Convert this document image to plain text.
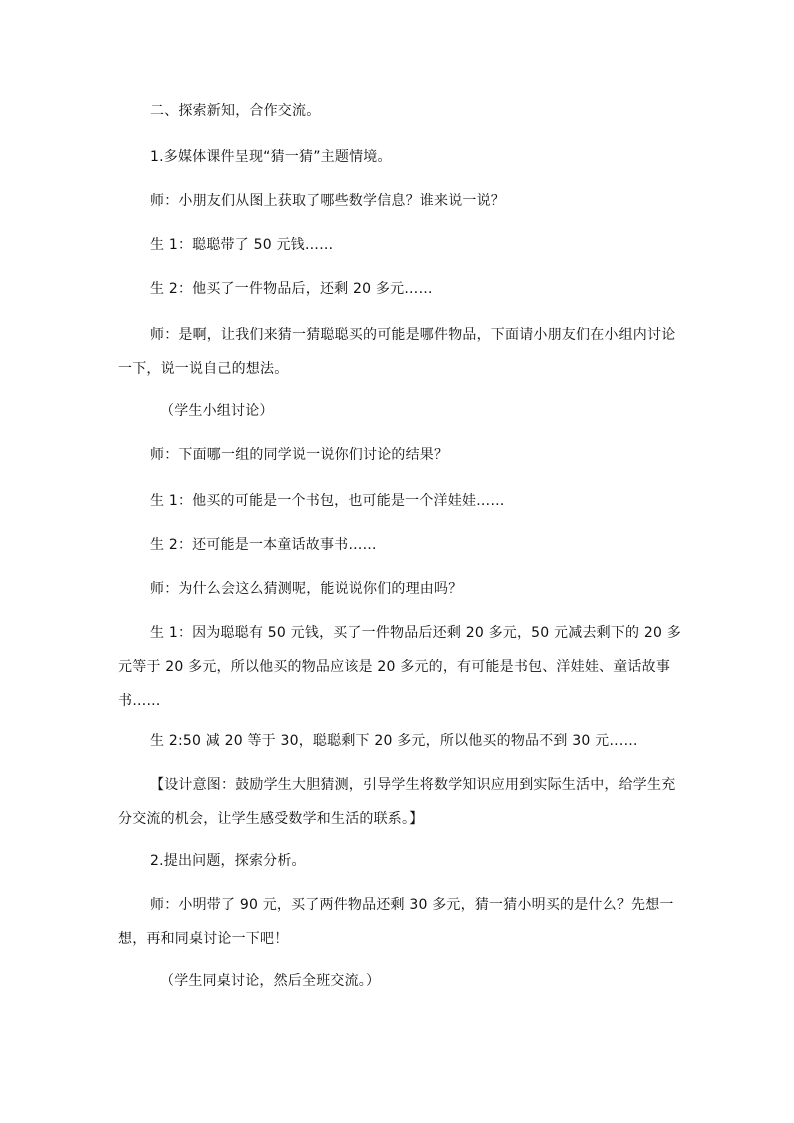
二、探索新知，合作交流。
1.多媒体课件呈现“猜一猜”主题情境。
师：小朋友们从图上获取了哪些数学信息？谁来说一说？
生 1：聪聪带了 50 元钱……
生 2：他买了一件物品后，还剩 20 多元……
师：是啊，让我们来猜一猜聪聪买的可能是哪件物品，下面请小朋友们在小组内讨论一下，说一说自己的想法。
（学生小组讨论）
师：下面哪一组的同学说一说你们讨论的结果？
生 1：他买的可能是一个书包，也可能是一个洋娃娃……
生 2：还可能是一本童话故事书……
师：为什么会这么猜测呢，能说说你们的理由吗？
生 1：因为聪聪有 50 元钱，买了一件物品后还剩 20 多元，50 元减去剩下的 20 多元等于 20 多元，所以他买的物品应该是 20 多元的，有可能是书包、洋娃娃、童话故事书……
生 2:50 减 20 等于 30，聪聪剩下 20 多元，所以他买的物品不到 30 元……
【设计意图：鼓励学生大胆猜测，引导学生将数学知识应用到实际生活中，给学生充分交流的机会，让学生感受数学和生活的联系。】
2.提出问题，探索分析。
师：小明带了 90 元，买了两件物品还剩 30 多元，猜一猜小明买的是什么？先想一想，再和同桌讨论一下吧！
（学生同桌讨论，然后全班交流。）
